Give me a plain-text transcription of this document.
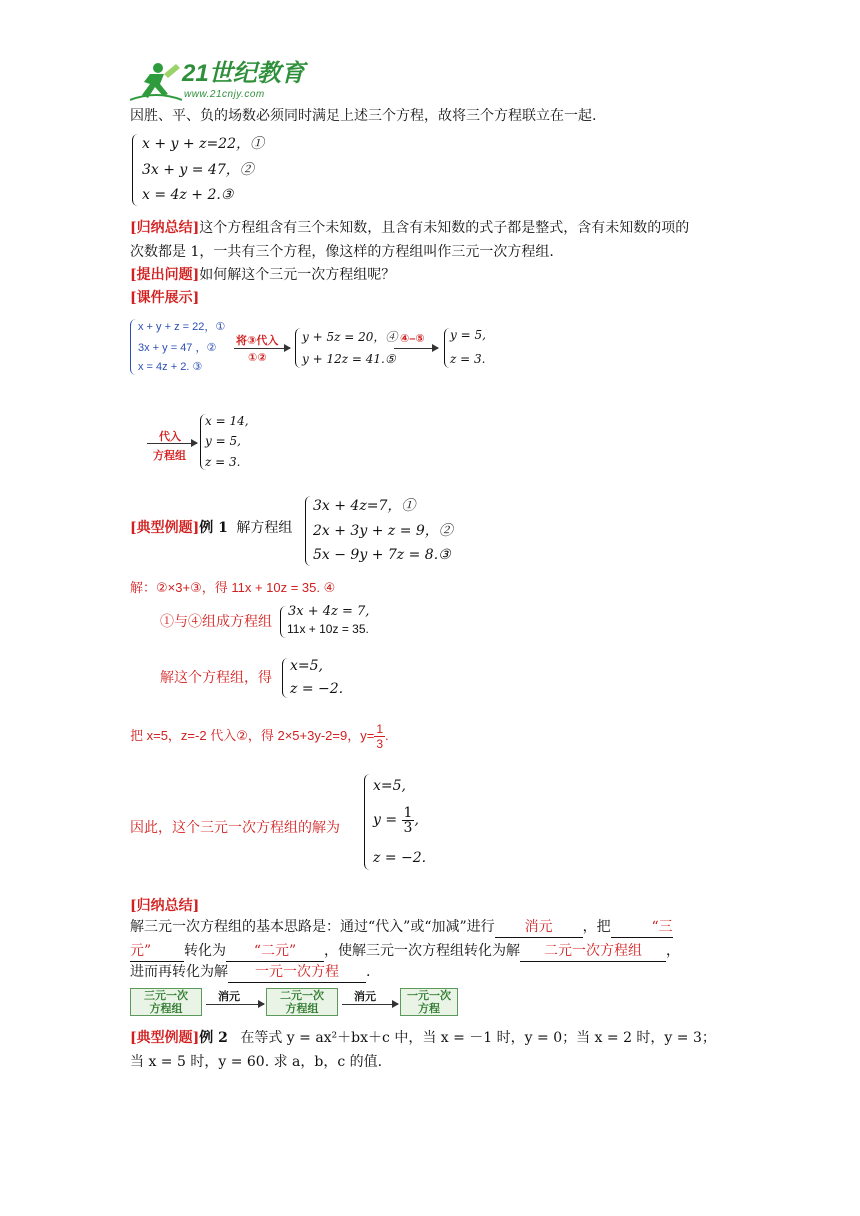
21世纪教育
www.21cnjy.com
因胜、平、负的场数必须同时满足上述三个方程，故将三个方程联立在一起.
x + y + z=22，①
3x + y = 47，②
x = 4z + 2.③
[归纳总结]这个方程组含有三个未知数，且含有未知数的式子都是整式，含有未知数的项的
次数都是 1，一共有三个方程，像这样的方程组叫作三元一次方程组.
[提出问题]如何解这个三元一次方程组呢？
[课件展示]
x + y + z = 22，①
3x + y = 47 ，②
x = 4z + 2. ③
将③代入
①②
y + 5z = 20，④
y + 12z = 41.⑤
④–⑤ y = 5,
z = 3.
代入
方程组
x = 14,
y = 5,
z = 3.
[典型例题]例 1 解方程组
3x + 4z=7，①
2x + 3y + z = 9，②
5x − 9y + 7z = 8.③
解：②×3+③，得 11x + 10z = 35. ④
①与④组成方程组
3x + 4z = 7,
11x + 10z = 35.
解这个方程组，得
x=5,
z = −2.
把 x=5，z=-2 代入②，得 2×5+3y-2=9，$y= \frac{1}{3}$ .
因此，这个三元一次方程组的解为
x=5,
$y = \frac{1}{3}$ ,
z = −2.
[归纳总结]
解三元一次方程组的基本思路是：通过“代入”或“加减”进行 消元 ，把	“三
元” 转化为 “二元” ，使解三元一次方程组转化为解 二元一次方程组 ，
进而再转化为解 一元一次方程 .
三元一次
方程组
消元	二元一次
方程组
消元	一元一次
方程
[典型例题]例 2 在等式 y = ax²＋bx＋c 中，当 x = －1 时，y = 0；当 x = 2 时，y = 3；
当 x = 5 时，y = 60. 求 a，b，c 的值.
